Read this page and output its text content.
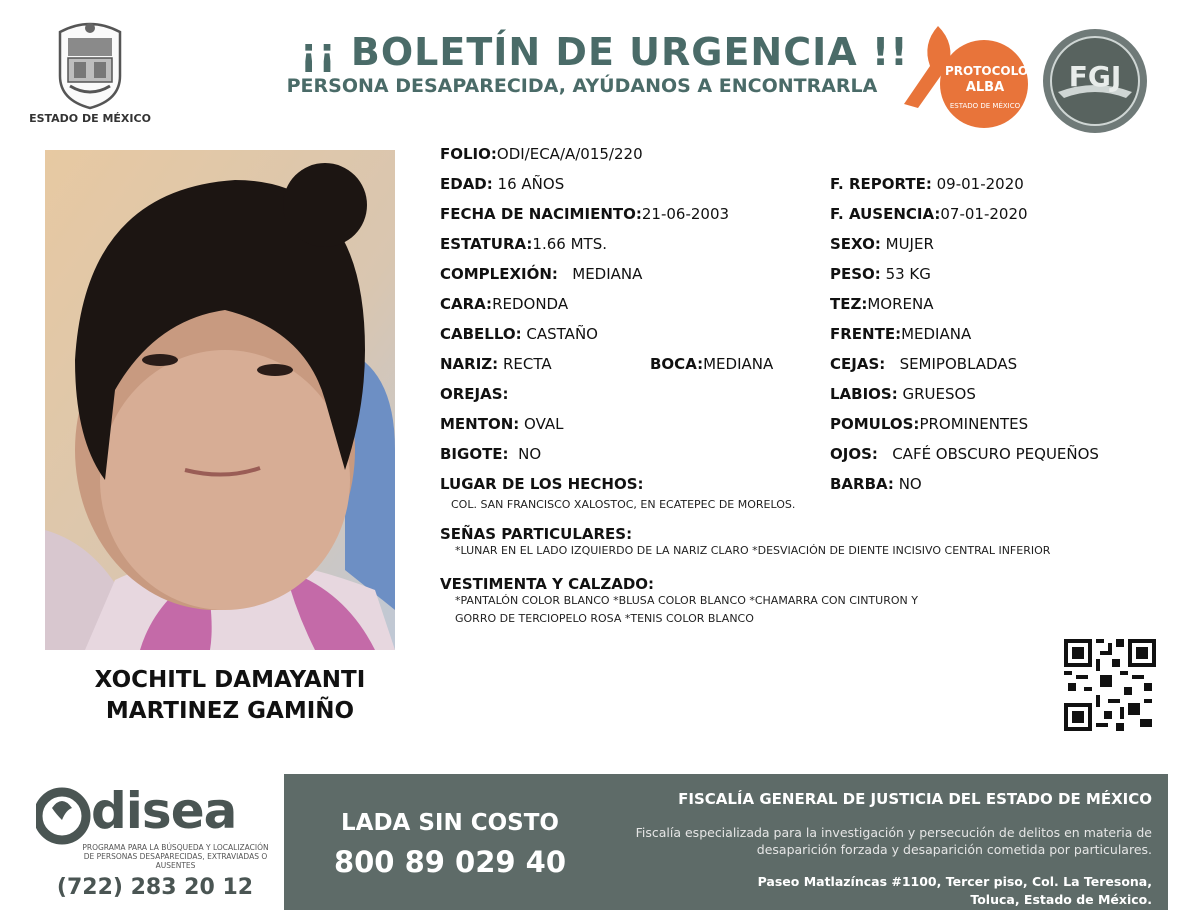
ESTADO DE MÉXICO
¡¡ BOLETÍN DE URGENCIA !!
PERSONA DESAPARECIDA, AYÚDANOS A ENCONTRARLA
PROTOCOLO
ALBA
ESTADO DE MÉXICO
FGJ
XOCHITL DAMAYANTI
MARTINEZ GAMIÑO
FOLIO:ODI/ECA/A/015/220
EDAD: 16 AÑOS
FECHA DE NACIMIENTO:21-06-2003
ESTATURA:1.66 MTS.
COMPLEXIÓN: MEDIANA
CARA:REDONDA
CABELLO: CASTAÑO
NARIZ: RECTA	BOCA:MEDIANA
OREJAS:
MENTON: OVAL
BIGOTE: NO
LUGAR DE LOS HECHOS:
COL. SAN FRANCISCO XALOSTOC, EN ECATEPEC DE MORELOS.
F. REPORTE: 09-01-2020
F. AUSENCIA:07-01-2020
SEXO: MUJER
PESO: 53 KG
TEZ:MORENA
FRENTE:MEDIANA
CEJAS: SEMIPOBLADAS
LABIOS: GRUESOS
POMULOS:PROMINENTES
OJOS: CAFÉ OBSCURO PEQUEÑOS
BARBA: NO
SEÑAS PARTICULARES:
*LUNAR EN EL LADO IZQUIERDO DE LA NARIZ CLARO *DESVIACIÓN DE DIENTE INCISIVO CENTRAL INFERIOR
VESTIMENTA Y CALZADO:
*PANTALÓN COLOR BLANCO *BLUSA COLOR BLANCO *CHAMARRA CON CINTURON Y
GORRO DE TERCIOPELO ROSA *TENIS COLOR BLANCO
disea
PROGRAMA PARA LA BÚSQUEDA Y LOCALIZACIÓN DE PERSONAS DESAPARECIDAS, EXTRAVIADAS O AUSENTES
(722) 283 20 12
LADA SIN COSTO
800 89 029 40
FISCALÍA GENERAL DE JUSTICIA DEL ESTADO DE MÉXICO
Fiscalía especializada para la investigación y persecución de delitos en materia de desaparición forzada y desaparición cometida por particulares.
Paseo Matlazíncas #1100, Tercer piso, Col. La Teresona,
Toluca, Estado de México.
